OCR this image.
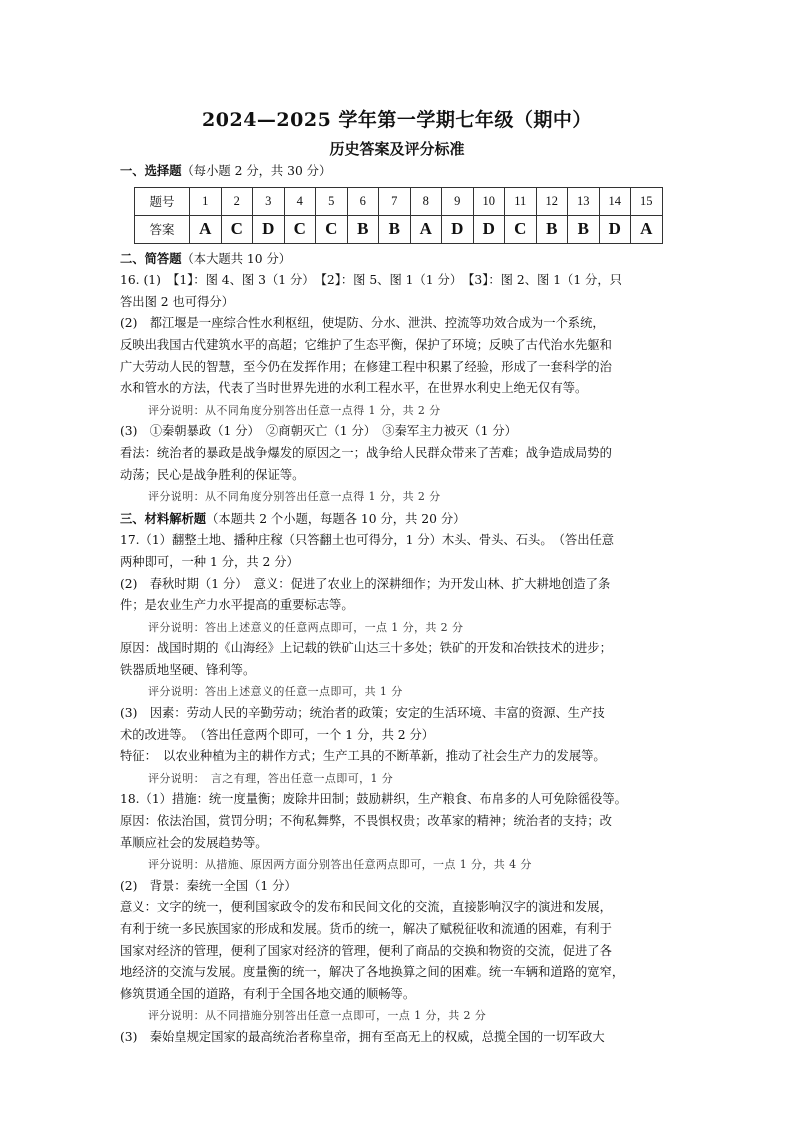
2024—2025 学年第一学期七年级（期中）
历史答案及评分标准

一、选择题（每小题 2 分，共 30 分）

题号	1	2	3	4	5	6	7	8	9	10	11	12	13	14	15
答案	A	C	D	C	C	B	B	A	D	D	C	B	B	D	A

二、简答题（本大题共 10 分）

16. (1)　【1】：图 4、图 3（1 分）　【2】：图 5、图 1（1 分）　【3】：图 2、图 1（1 分，只

答出图 2 也可得分）

(2)　都江堰是一座综合性水利枢纽，使堤防、分水、泄洪、控流等功效合成为一个系统，

反映出我国古代建筑水平的高超；它维护了生态平衡，保护了环境；反映了古代治水先躯和

广大劳动人民的智慧，至今仍在发挥作用；在修建工程中积累了经验，形成了一套科学的治

水和管水的方法，代表了当时世界先进的水利工程水平，在世界水利史上绝无仅有等。

评分说明：从不同角度分别答出任意一点得 1 分，共 2 分

(3)　①秦朝暴政（1 分）　②商朝灭亡（1 分）　③秦军主力被灭（1 分）

看法：统治者的暴政是战争爆发的原因之一；战争给人民群众带来了苦难；战争造成局势的

动荡；民心是战争胜利的保证等。

评分说明：从不同角度分别答出任意一点得 1 分，共 2 分

三、材料解析题（本题共 2 个小题，每题各 10 分，共 20 分）

17.（1）翻整土地、播种庄稼（只答翻土也可得分，1 分）木头、骨头、石头。　（答出任意

两种即可，一种 1 分，共 2 分）

(2)　春秋时期（1 分）　意义：促进了农业上的深耕细作；为开发山林、扩大耕地创造了条

件；是农业生产力水平提高的重要标志等。

评分说明：答出上述意义的任意两点即可，一点 1 分，共 2 分

原因：战国时期的《山海经》上记载的铁矿山达三十多处；铁矿的开发和冶铁技术的进步；

铁器质地坚硬、锋利等。

评分说明：答出上述意义的任意一点即可，共 1 分

(3)　因素：劳动人民的辛勤劳动；统治者的政策；安定的生活环境、丰富的资源、生产技

术的改进等。　（答出任意两个即可，一个 1 分，共 2 分）

特征：　以农业种植为主的耕作方式；生产工具的不断革新，推动了社会生产力的发展等。

评分说明：　言之有理，答出任意一点即可，1 分

18.（1）措施：统一度量衡；废除井田制；鼓励耕织，生产粮食、布帛多的人可免除徭役等。

原因：依法治国，赏罚分明；不徇私舞弊，不畏惧权贵；改革家的精神；统治者的支持；改

革顺应社会的发展趋势等。

评分说明：从措施、原因两方面分别答出任意两点即可，一点 1 分，共 4 分

(2)　背景：秦统一全国（1 分）

意义：文字的统一，便利国家政令的发布和民间文化的交流，直接影响汉字的演进和发展，

有利于统一多民族国家的形成和发展。货币的统一，解决了赋税征收和流通的困难，有利于

国家对经济的管理，便利了国家对经济的管理，便利了商品的交换和物资的交流，促进了各

地经济的交流与发展。度量衡的统一，解决了各地换算之间的困难。统一车辆和道路的宽窄，

修筑贯通全国的道路，有利于全国各地交通的顺畅等。

评分说明：从不同措施分别答出任意一点即可，一点 1 分，共 2 分

(3)　秦始皇规定国家的最高统治者称皇帝，拥有至高无上的权威，总揽全国的一切军政大
